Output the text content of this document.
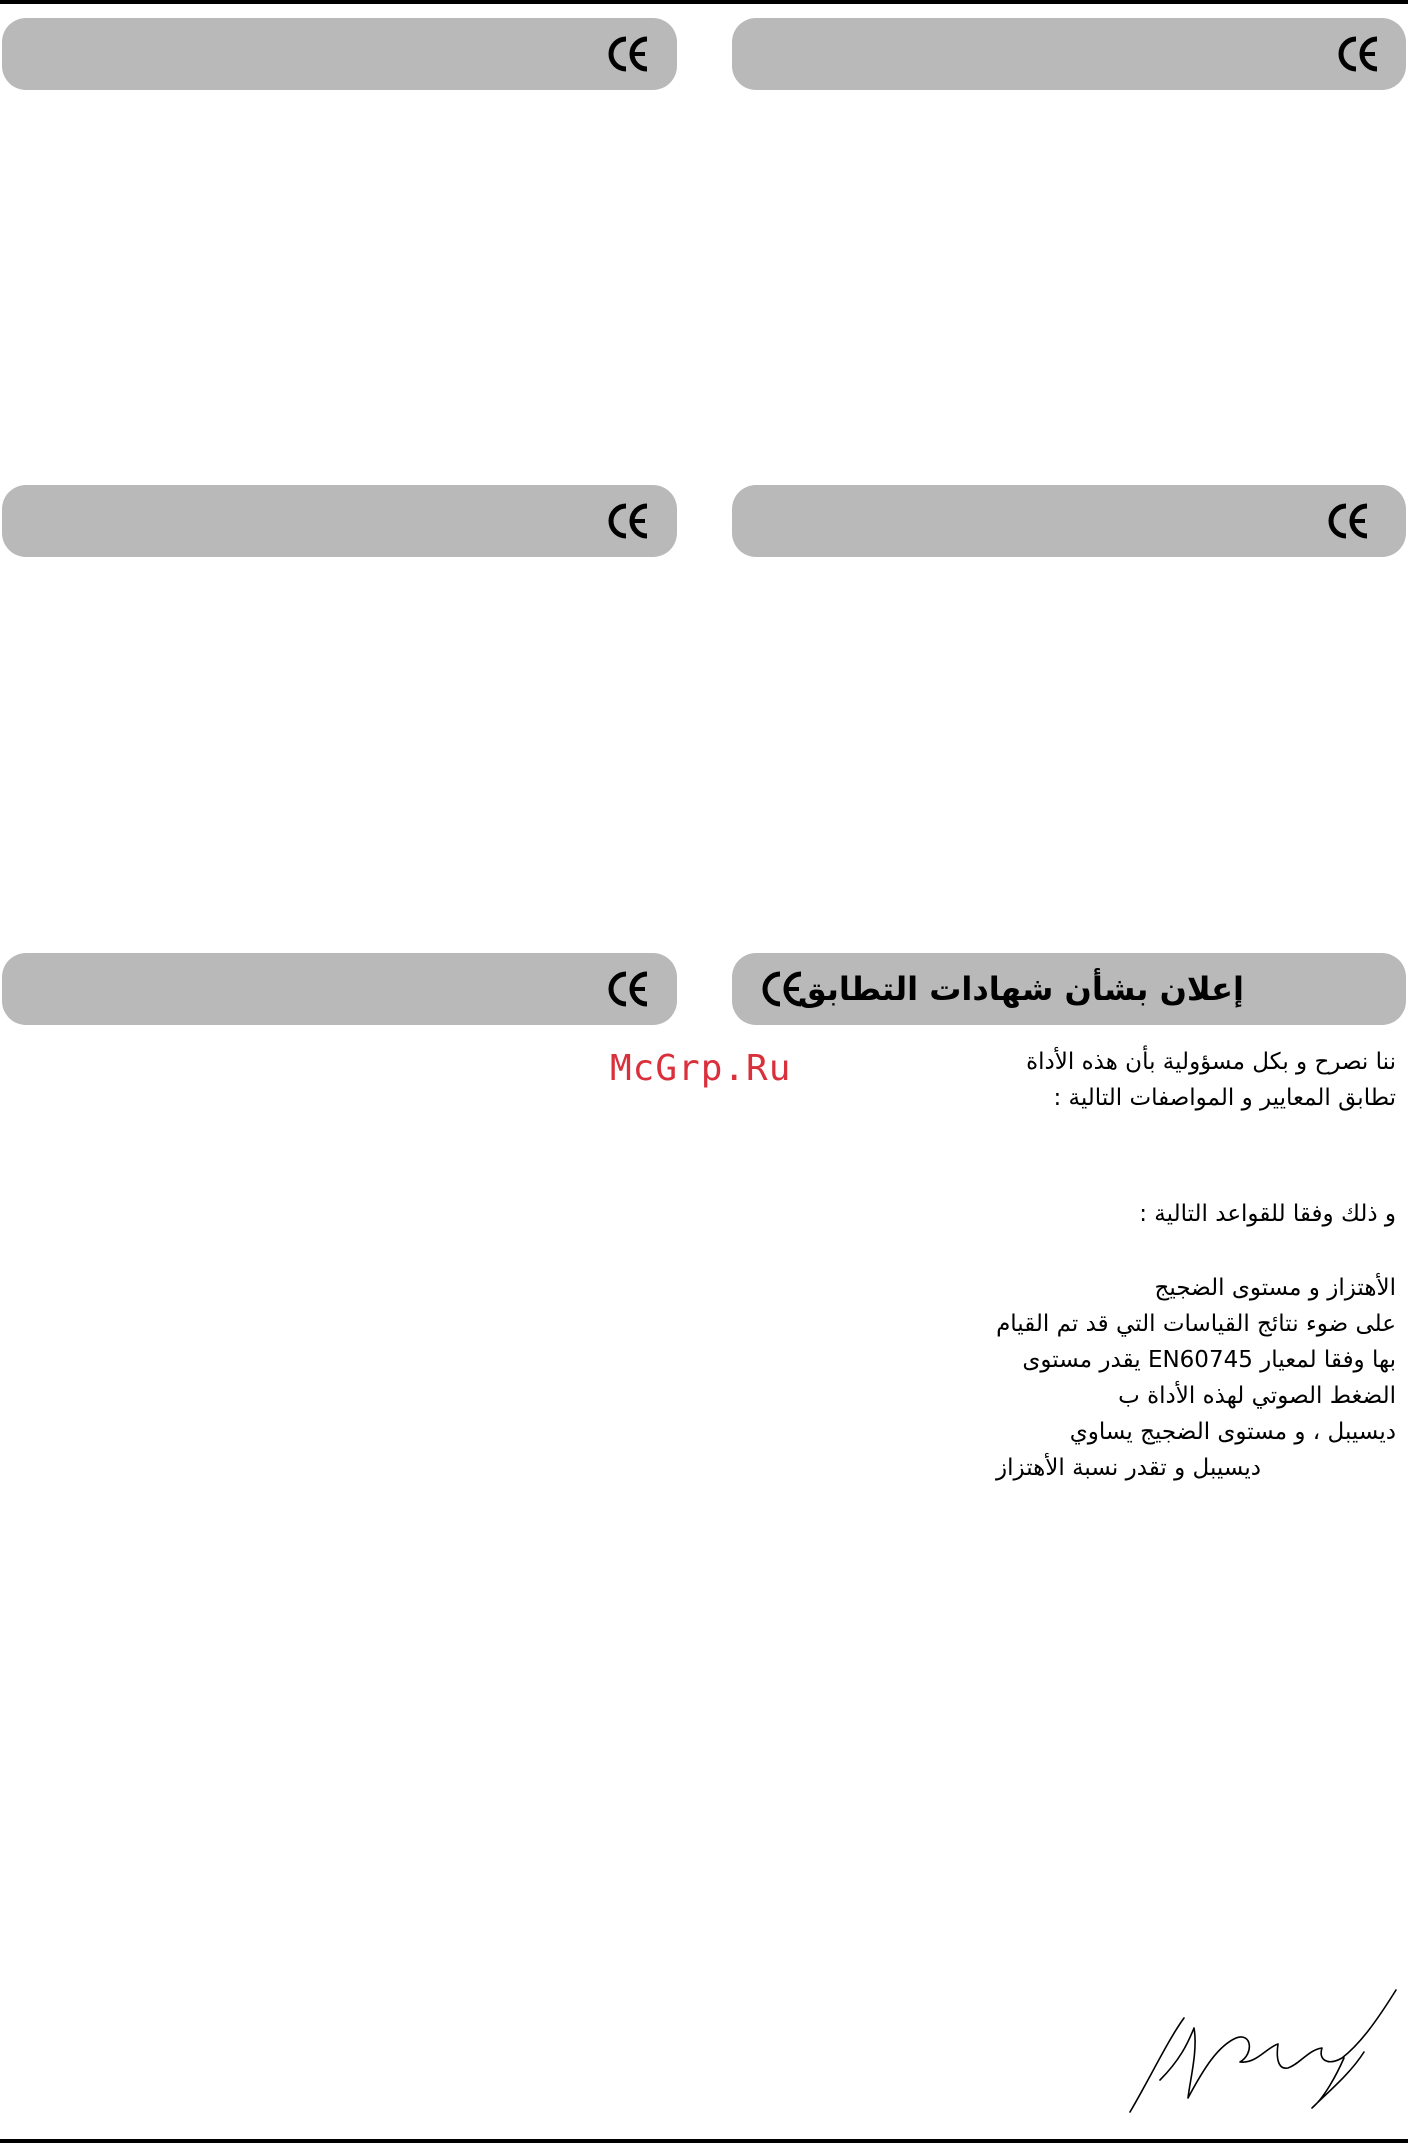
إعلان بشأن شهادات التطابق
McGrp.Ru	ننا نصرح و بكل مسؤولية بأن هذه الأداة

تطابق المعايير و المواصفات التالية :

و ذلك وفقا للقواعد التالية :

الأهتزاز و مستوى الضجيج

على ضوء نتائج القياسات التي قد تم القيام

بها وفقا لمعيار EN60745 يقدر مستوى

الضغط الصوتي لهذه الأداة ب

ديسيبل ، و مستوى الضجيج يساوي

ديسيبل و تقدر نسبة الأهتزاز
